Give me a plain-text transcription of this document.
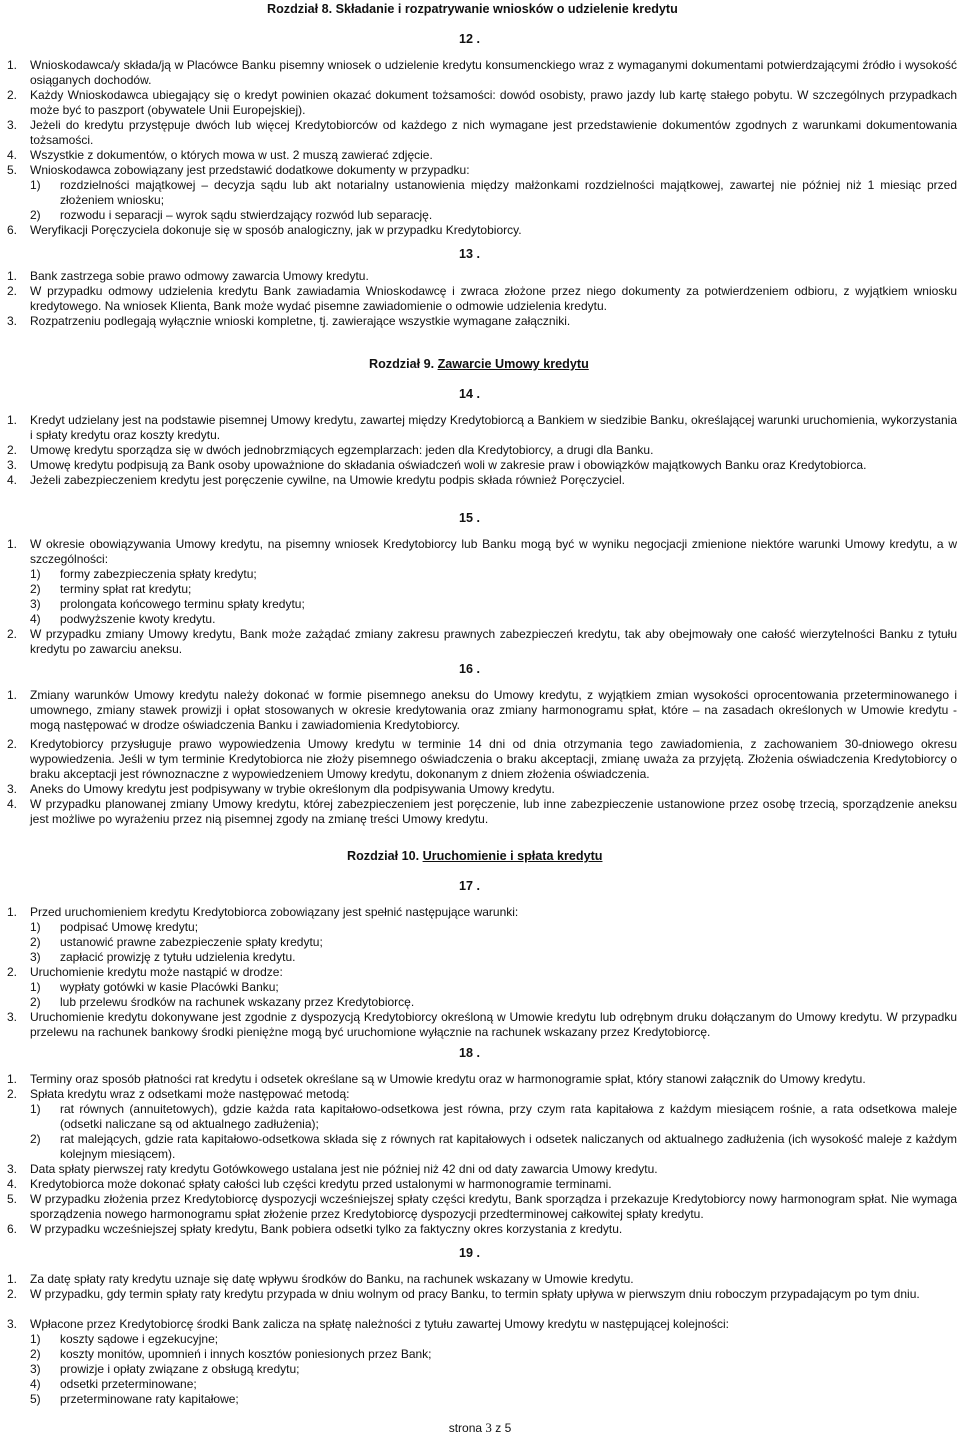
Rozdział 8. Składanie i rozpatrywanie wniosków o udzielenie kredytu
12 .
1.	Wnioskodawca/y składa/ją w Placówce Banku pisemny wniosek o udzielenie kredytu konsumenckiego wraz z wymaganymi dokumentami potwierdzającymi źródło i wysokość osiąganych dochodów.
2.	Każdy Wnioskodawca ubiegający się o kredyt powinien okazać dokument tożsamości: dowód osobisty, prawo jazdy lub kartę stałego pobytu. W szczególnych przypadkach może być to paszport (obywatele Unii Europejskiej).
3.	Jeżeli do kredytu przystępuje dwóch lub więcej Kredytobiorców od każdego z nich wymagane jest przedstawienie dokumentów zgodnych z warunkami dokumentowania tożsamości.
4.	Wszystkie z dokumentów, o których mowa w ust. 2 muszą zawierać zdjęcie.
5.	Wnioskodawca zobowiązany jest przedstawić dodatkowe dokumenty w przypadku:
1)	rozdzielności majątkowej – decyzja sądu lub akt notarialny ustanowienia między małżonkami rozdzielności majątkowej, zawartej nie później niż 1 miesiąc przed złożeniem wniosku;
2)	rozwodu i separacji – wyrok sądu stwierdzający rozwód lub separację.
6.	Weryfikacji Poręczyciela dokonuje się w sposób analogiczny, jak w przypadku Kredytobiorcy.
13 .
1.	Bank zastrzega sobie prawo odmowy zawarcia Umowy kredytu.
2.	W przypadku odmowy udzielenia kredytu Bank zawiadamia Wnioskodawcę i zwraca złożone przez niego dokumenty za potwierdzeniem odbioru, z wyjątkiem wniosku kredytowego. Na wniosek Klienta, Bank może wydać pisemne zawiadomienie o odmowie udzielenia kredytu.
3.	Rozpatrzeniu podlegają wyłącznie wnioski kompletne, tj. zawierające wszystkie wymagane załączniki.
Rozdział 9. Zawarcie Umowy kredytu
14 .
1.	Kredyt udzielany jest na podstawie pisemnej Umowy kredytu, zawartej między Kredytobiorcą a Bankiem w siedzibie Banku, określającej warunki uruchomienia, wykorzystania i spłaty kredytu oraz koszty kredytu.
2.	Umowę kredytu sporządza się w dwóch jednobrzmiących egzemplarzach: jeden dla Kredytobiorcy, a drugi dla Banku.
3.	Umowę kredytu podpisują za Bank osoby upoważnione do składania oświadczeń woli w zakresie praw i obowiązków majątkowych Banku oraz Kredytobiorca.
4.	Jeżeli zabezpieczeniem kredytu jest poręczenie cywilne, na Umowie kredytu podpis składa również Poręczyciel.
15 .
1.	W okresie obowiązywania Umowy kredytu, na pisemny wniosek Kredytobiorcy lub Banku mogą być w wyniku negocjacji zmienione niektóre warunki Umowy kredytu, a w szczególności:
1)	formy zabezpieczenia spłaty kredytu;
2)	terminy spłat rat kredytu;
3)	prolongata końcowego terminu spłaty kredytu;
4)	podwyższenie kwoty kredytu.
2.	W przypadku zmiany Umowy kredytu, Bank może zażądać zmiany zakresu prawnych zabezpieczeń kredytu, tak aby obejmowały one całość wierzytelności Banku z tytułu kredytu po zawarciu aneksu.
16 .
1.	Zmiany warunków Umowy kredytu należy dokonać w formie pisemnego aneksu do Umowy kredytu, z wyjątkiem zmian wysokości oprocentowania przeterminowanego i umownego, zmiany stawek prowizji i opłat stosowanych w okresie kredytowania oraz zmiany harmonogramu spłat, które – na zasadach określonych w Umowie kredytu - mogą następować w drodze oświadczenia Banku i zawiadomienia Kredytobiorcy.
2.	Kredytobiorcy przysługuje prawo wypowiedzenia Umowy kredytu w terminie 14 dni od dnia otrzymania tego zawiadomienia, z zachowaniem 30-dniowego okresu wypowiedzenia. Jeśli w tym terminie Kredytobiorca nie złoży pisemnego oświadczenia o braku akceptacji, zmianę uważa za przyjętą. Złożenia oświadczenia Kredytobiorcy o braku akceptacji jest równoznaczne z wypowiedzeniem Umowy kredytu, dokonanym z dniem złożenia oświadczenia.
3.	Aneks do Umowy kredytu jest podpisywany w trybie określonym dla podpisywania Umowy kredytu.
4.	W przypadku planowanej zmiany Umowy kredytu, której zabezpieczeniem jest poręczenie, lub inne zabezpieczenie ustanowione przez osobę trzecią, sporządzenie aneksu jest możliwe po wyrażeniu przez nią pisemnej zgody na zmianę treści Umowy kredytu.
Rozdział 10. Uruchomienie i spłata kredytu
17 .
1.	Przed uruchomieniem kredytu Kredytobiorca zobowiązany jest spełnić następujące warunki:
1)	podpisać Umowę kredytu;
2)	ustanowić prawne zabezpieczenie spłaty kredytu;
3)	zapłacić prowizję z tytułu udzielenia kredytu.
2.	Uruchomienie kredytu może nastąpić w drodze:
1)	wypłaty gotówki w kasie Placówki Banku;
2)	lub przelewu środków na rachunek wskazany przez Kredytobiorcę.
3.	Uruchomienie kredytu dokonywane jest zgodnie z dyspozycją Kredytobiorcy określoną w Umowie kredytu lub odrębnym druku dołączanym do Umowy kredytu. W przypadku przelewu na rachunek bankowy środki pieniężne mogą być uruchomione wyłącznie na rachunek wskazany przez Kredytobiorcę.
18 .
1.	Terminy oraz sposób płatności rat kredytu i odsetek określane są w Umowie kredytu oraz w harmonogramie spłat, który stanowi załącznik do Umowy kredytu.
2.	Spłata kredytu wraz z odsetkami może następować metodą:
1)	rat równych (annuitetowych), gdzie każda rata kapitałowo-odsetkowa jest równa, przy czym rata kapitałowa z każdym miesiącem rośnie, a rata odsetkowa maleje (odsetki naliczane są od aktualnego zadłużenia);
2)	rat malejących, gdzie rata kapitałowo-odsetkowa składa się z równych rat kapitałowych i odsetek naliczanych od aktualnego zadłużenia (ich wysokość maleje z każdym kolejnym miesiącem).
3.	Data spłaty pierwszej raty kredytu Gotówkowego ustalana jest nie później niż 42 dni od daty zawarcia Umowy kredytu.
4.	Kredytobiorca może dokonać spłaty całości lub części kredytu przed ustalonymi w harmonogramie terminami.
5.	W przypadku złożenia przez Kredytobiorcę dyspozycji wcześniejszej spłaty części kredytu, Bank sporządza i przekazuje Kredytobiorcy nowy harmonogram spłat. Nie wymaga sporządzenia nowego harmonogramu spłat złożenie przez Kredytobiorcę dyspozycji przedterminowej całkowitej spłaty kredytu.
6.	W przypadku wcześniejszej spłaty kredytu, Bank pobiera odsetki tylko za faktyczny okres korzystania z kredytu.
19 .
1.	Za datę spłaty raty kredytu uznaje się datę wpływu środków do Banku, na rachunek wskazany w Umowie kredytu.
2.	W przypadku, gdy termin spłaty raty kredytu przypada w dniu wolnym od pracy Banku, to termin spłaty upływa w pierwszym dniu roboczym przypadającym po tym dniu.
3.	Wpłacone przez Kredytobiorcę środki Bank zalicza na spłatę należności z tytułu zawartej Umowy kredytu w następującej kolejności:
1)	koszty sądowe i egzekucyjne;
2)	koszty monitów, upomnień i innych kosztów poniesionych przez Bank;
3)	prowizje i opłaty związane z obsługą kredytu;
4)	odsetki przeterminowane;
5)	przeterminowane raty kapitałowe;
strona 3 z 5
